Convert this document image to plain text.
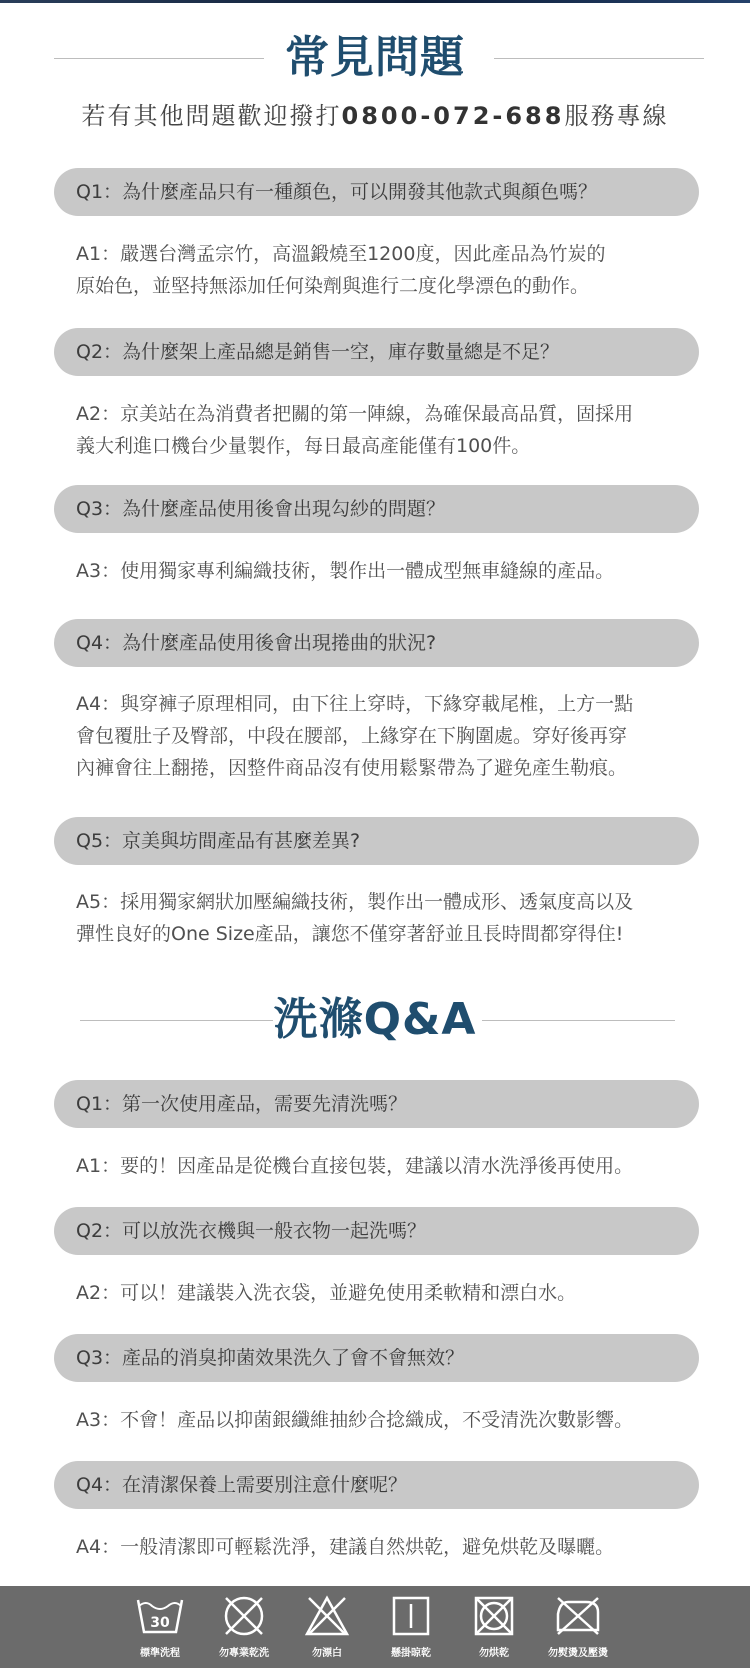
常見問題
若有其他問題歡迎撥打0800-072-688服務專線
Q1：為什麼產品只有一種顏色，可以開發其他款式與顏色嗎？
A1：嚴選台灣孟宗竹，高溫鍛燒至1200度，因此產品為竹炭的
原始色，並堅持無添加任何染劑與進行二度化學漂色的動作。
Q2：為什麼架上產品總是銷售一空，庫存數量總是不足？
A2：京美站在為消費者把關的第一陣線，為確保最高品質，固採用
義大利進口機台少量製作，每日最高產能僅有100件。
Q3：為什麼產品使用後會出現勾紗的問題？
A3：使用獨家專利編織技術，製作出一體成型無車縫線的產品。
Q4：為什麼產品使用後會出現捲曲的狀況?
A4：與穿褲子原理相同，由下往上穿時，下緣穿載尾椎，上方一點
會包覆肚子及臀部，中段在腰部，上緣穿在下胸圍處。穿好後再穿
內褲會往上翻捲，因整件商品沒有使用鬆緊帶為了避免產生勒痕。
Q5：京美與坊間產品有甚麼差異?
A5：採用獨家網狀加壓編織技術，製作出一體成形、透氣度高以及
彈性良好的One Size產品，讓您不僅穿著舒並且長時間都穿得住!
洗滌Q&A
Q1：第一次使用產品，需要先清洗嗎？
A1：要的！因產品是從機台直接包裝，建議以清水洗淨後再使用。
Q2：可以放洗衣機與一般衣物一起洗嗎？
A2：可以！建議裝入洗衣袋，並避免使用柔軟精和漂白水。
Q3：產品的消臭抑菌效果洗久了會不會無效？
A3：不會！產品以抑菌銀纖維抽紗合捻織成，不受清洗次數影響。
Q4：在清潔保養上需要別注意什麼呢？
A4：一般清潔即可輕鬆洗淨，建議自然烘乾，避免烘乾及曝曬。
30
標準洗程	勿專業乾洗	勿漂白	懸掛晾乾	勿烘乾	勿熨燙及壓燙
